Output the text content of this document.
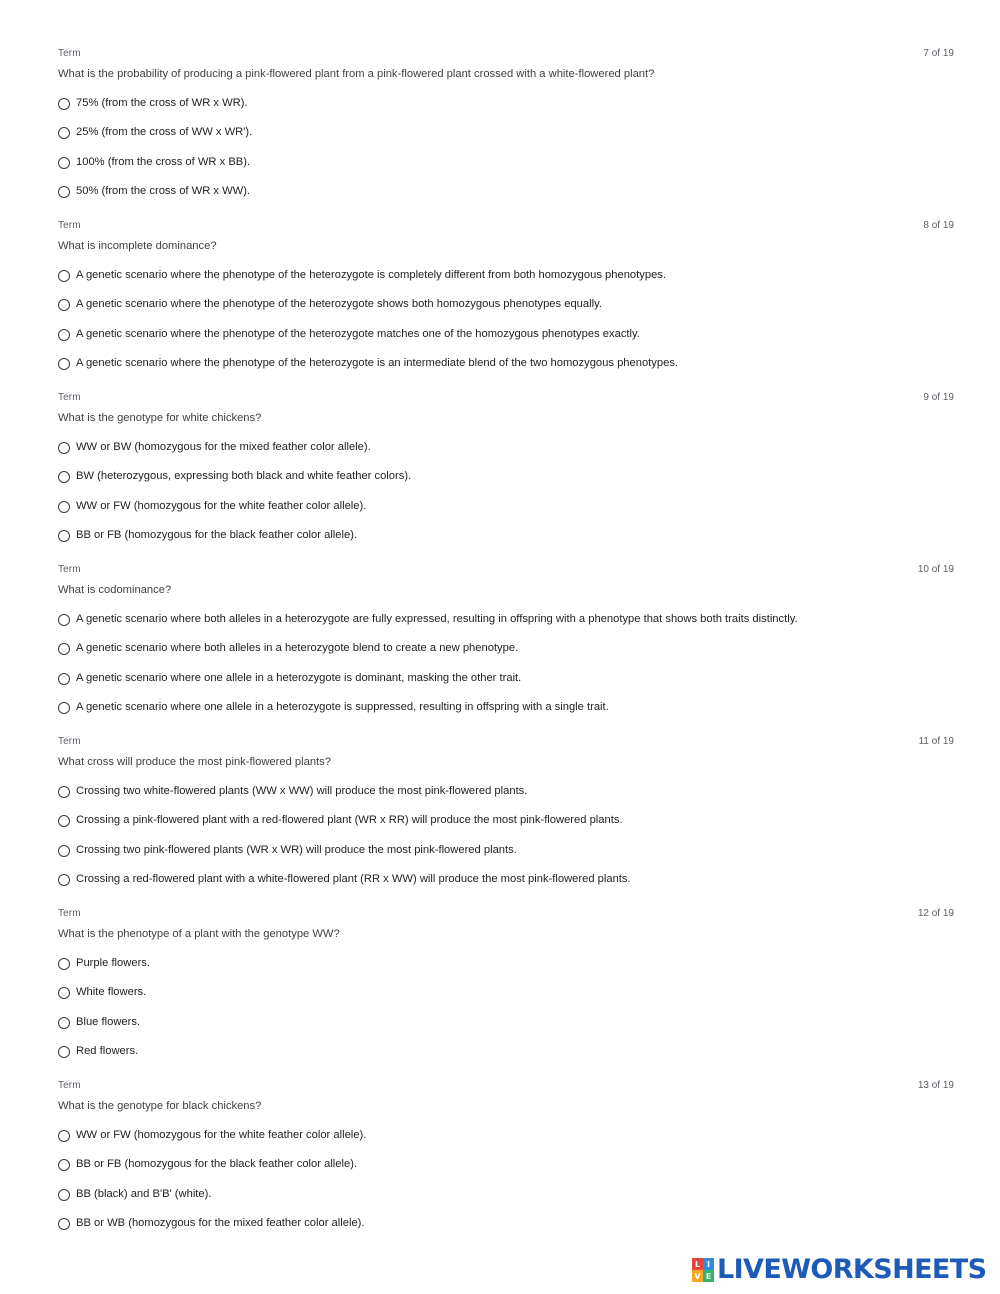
Term	7 of 19
What is the probability of producing a pink-flowered plant from a pink-flowered plant crossed with a white-flowered plant?
75% (from the cross of WR x WR).
25% (from the cross of WW x WR').
100% (from the cross of WR x BB).
50% (from the cross of WR x WW).
Term	8 of 19
What is incomplete dominance?
A genetic scenario where the phenotype of the heterozygote is completely different from both homozygous phenotypes.
A genetic scenario where the phenotype of the heterozygote shows both homozygous phenotypes equally.
A genetic scenario where the phenotype of the heterozygote matches one of the homozygous phenotypes exactly.
A genetic scenario where the phenotype of the heterozygote is an intermediate blend of the two homozygous phenotypes.
Term	9 of 19
What is the genotype for white chickens?
WW or BW (homozygous for the mixed feather color allele).
BW (heterozygous, expressing both black and white feather colors).
WW or FW (homozygous for the white feather color allele).
BB or FB (homozygous for the black feather color allele).
Term	10 of 19
What is codominance?
A genetic scenario where both alleles in a heterozygote are fully expressed, resulting in offspring with a phenotype that shows both traits distinctly.
A genetic scenario where both alleles in a heterozygote blend to create a new phenotype.
A genetic scenario where one allele in a heterozygote is dominant, masking the other trait.
A genetic scenario where one allele in a heterozygote is suppressed, resulting in offspring with a single trait.
Term	11 of 19
What cross will produce the most pink-flowered plants?
Crossing two white-flowered plants (WW x WW) will produce the most pink-flowered plants.
Crossing a pink-flowered plant with a red-flowered plant (WR x RR) will produce the most pink-flowered plants.
Crossing two pink-flowered plants (WR x WR) will produce the most pink-flowered plants.
Crossing a red-flowered plant with a white-flowered plant (RR x WW) will produce the most pink-flowered plants.
Term	12 of 19
What is the phenotype of a plant with the genotype WW?
Purple flowers.
White flowers.
Blue flowers.
Red flowers.
Term	13 of 19
What is the genotype for black chickens?
WW or FW (homozygous for the white feather color allele).
BB or FB (homozygous for the black feather color allele).
BB (black) and B'B' (white).
BB or WB (homozygous for the mixed feather color allele).
L I
V E LIVEWORKSHEETS
